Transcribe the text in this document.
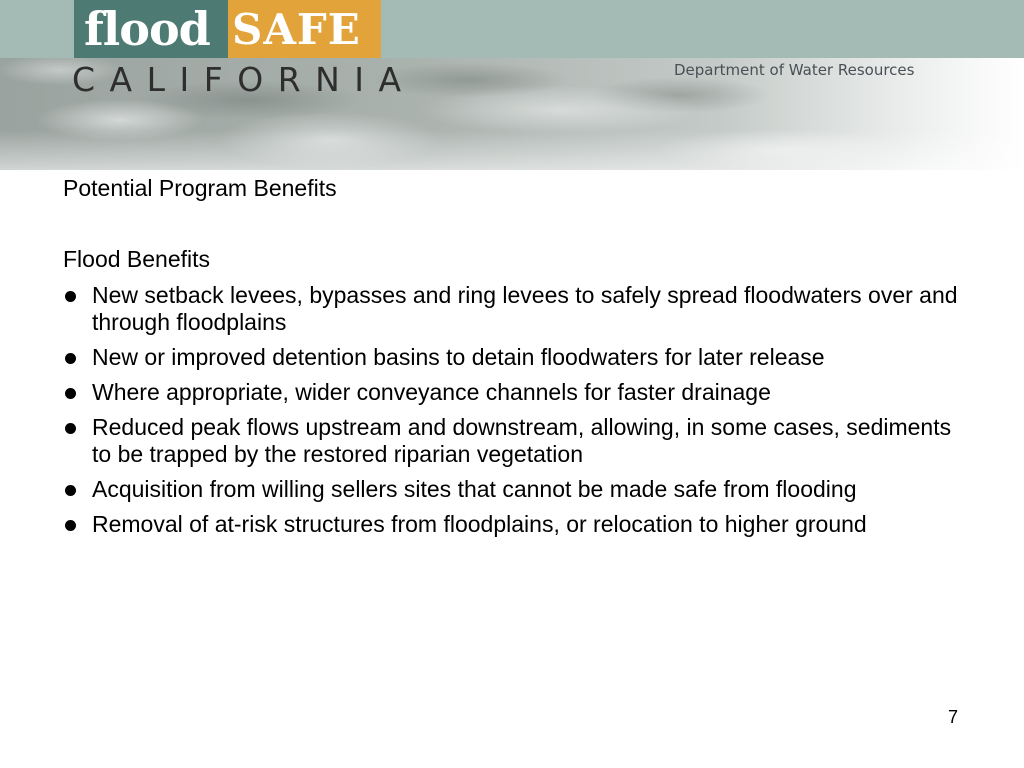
flood SAFE
CALIFORNIA	Department of Water Resources
Potential Program Benefits
Flood Benefits
New setback levees, bypasses and ring levees to safely spread floodwaters over and through floodplains
New or improved detention basins to detain floodwaters for later release
Where appropriate, wider conveyance channels for faster drainage
Reduced peak flows upstream and downstream, allowing, in some cases, sediments to be trapped by the restored riparian vegetation
Acquisition from willing sellers sites that cannot be made safe from flooding
Removal of at-risk structures from floodplains, or relocation to higher ground
7
